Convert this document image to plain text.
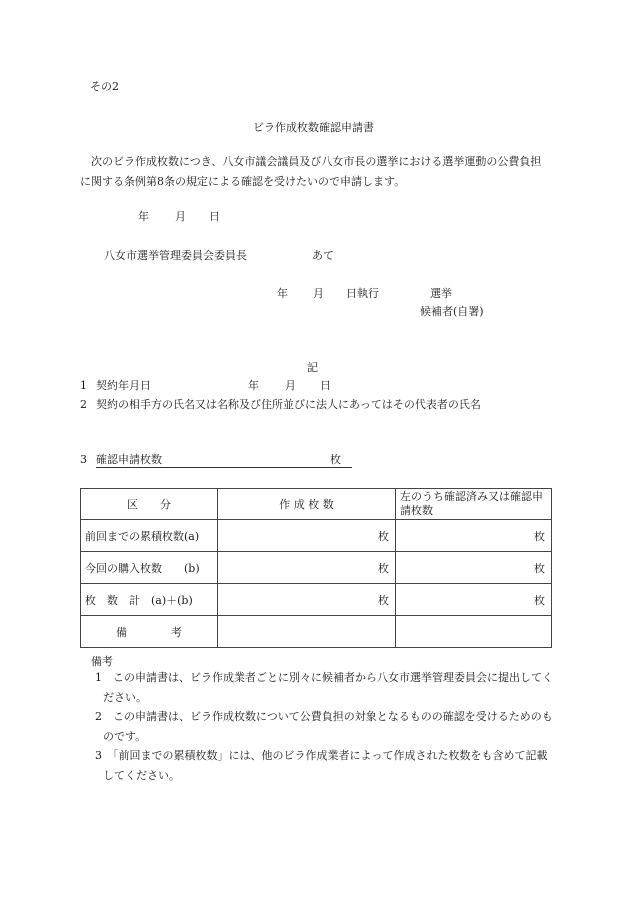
その2
ビラ作成枚数確認申請書
次のビラ作成枚数につき、八女市議会議員及び八女市長の選挙における選挙運動の公費負担に関する条例第8条の規定による確認を受けたいので申請します。
年 月 日
八女市選挙管理委員会委員長	あて
年 月 日執行	選挙
候補者(自署)
記
1 契約年月日	年 月 日
2 契約の相手方の氏名又は名称及び住所並びに法人にあってはその代表者の氏名
3 確認申請枚数	枚
区　　分	作 成 枚 数	左のうち確認済み又は確認申請枚数
前回までの累積枚数(a)	枚	枚
今回の購入枚数　　(b)	枚	枚
枚　数　計　(a)＋(b)	枚	枚
備　　　　考		
備考
1　この申請書は、ビラ作成業者ごとに別々に候補者から八女市選挙管理委員会に提出してください。
2　この申請書は、ビラ作成枚数について公費負担の対象となるものの確認を受けるためのものです。
3　「前回までの累積枚数」には、他のビラ作成業者によって作成された枚数をも含めて記載してください。
